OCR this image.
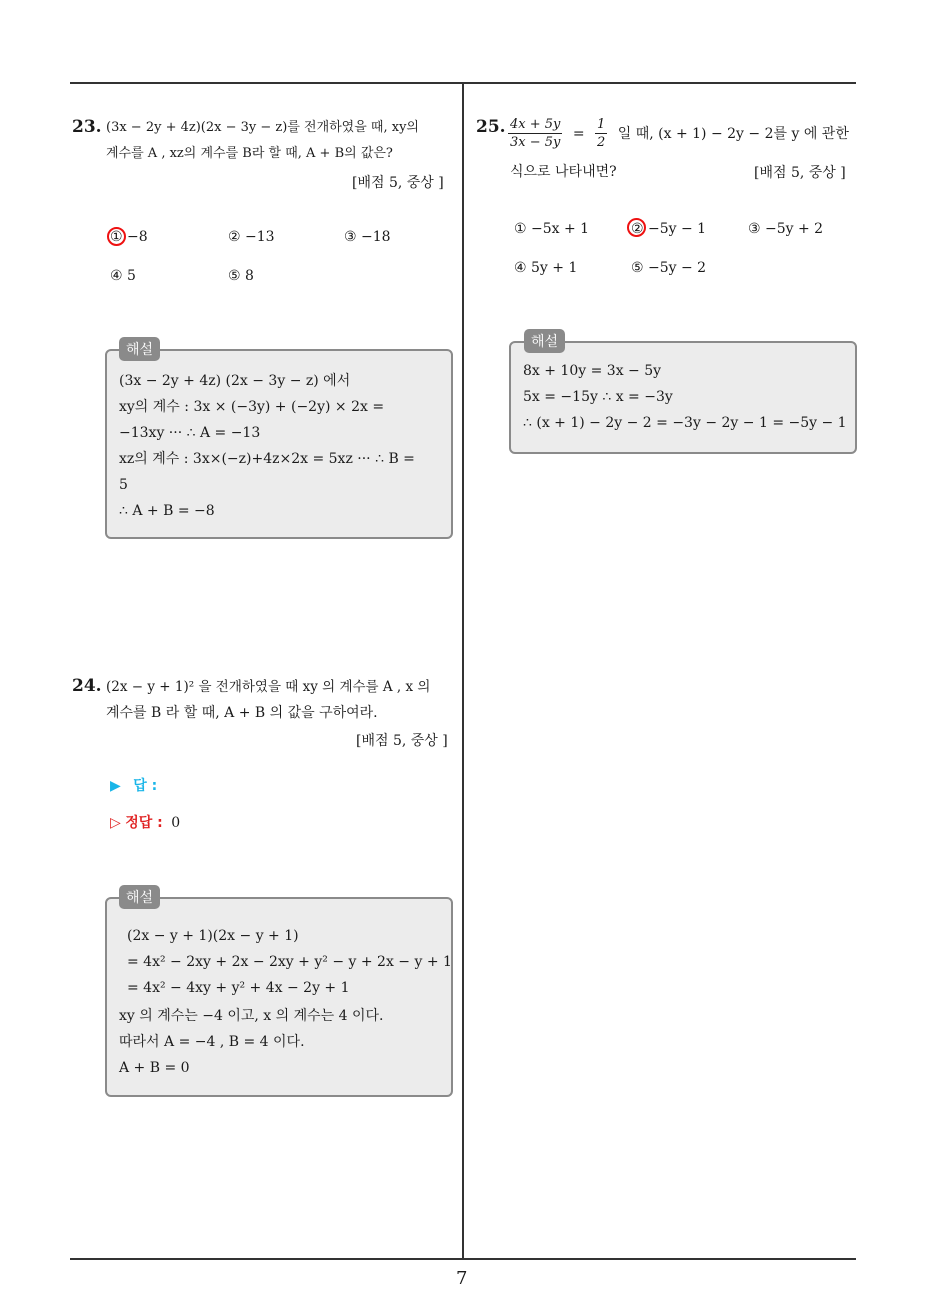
23. (3x − 2y + 4z)(2x − 3y − z)를 전개하였을 때, xy의
계수를 A , xz의 계수를 B라 할 때, A + B의 값은?
[배점 5, 중상 ]
① −8	② −13	③ −18
④ 5	⑤ 8
(3x − 2y + 4z) (2x − 3y − z) 에서
xy의 계수 : 3x × (−3y) + (−2y) × 2x =
−13xy ··· ∴ A = −13
xz의 계수 : 3x×(−z)+4z×2x = 5xz ··· ∴ B =
5
∴ A + B = −8
해설
24. (2x − y + 1)² 을 전개하였을 때 xy 의 계수를 A , x 의
계수를 B 라 할 때, A + B 의 값을 구하여라.
[배점 5, 중상 ]
▶ 답 :
▷ 정답 : 0
(2x − y + 1)(2x − y + 1)
= 4x² − 2xy + 2x − 2xy + y² − y + 2x − y + 1
= 4x² − 4xy + y² + 4x − 2y + 1
xy 의 계수는 −4 이고, x 의 계수는 4 이다.
따라서 A = −4 , B = 4 이다.
A + B = 0
해설
25. $\frac{4x + 5y}{3x - 5y} = \frac{1}{2}$ 일 때, (x + 1) − 2y − 2를 y 에 관한
식으로 나타내면?	[배점 5, 중상 ]
① −5x + 1	② −5y − 1	③ −5y + 2
④ 5y + 1	⑤ −5y − 2
8x + 10y = 3x − 5y
5x = −15y ∴ x = −3y
∴ (x + 1) − 2y − 2 = −3y − 2y − 1 = −5y − 1
해설
7
